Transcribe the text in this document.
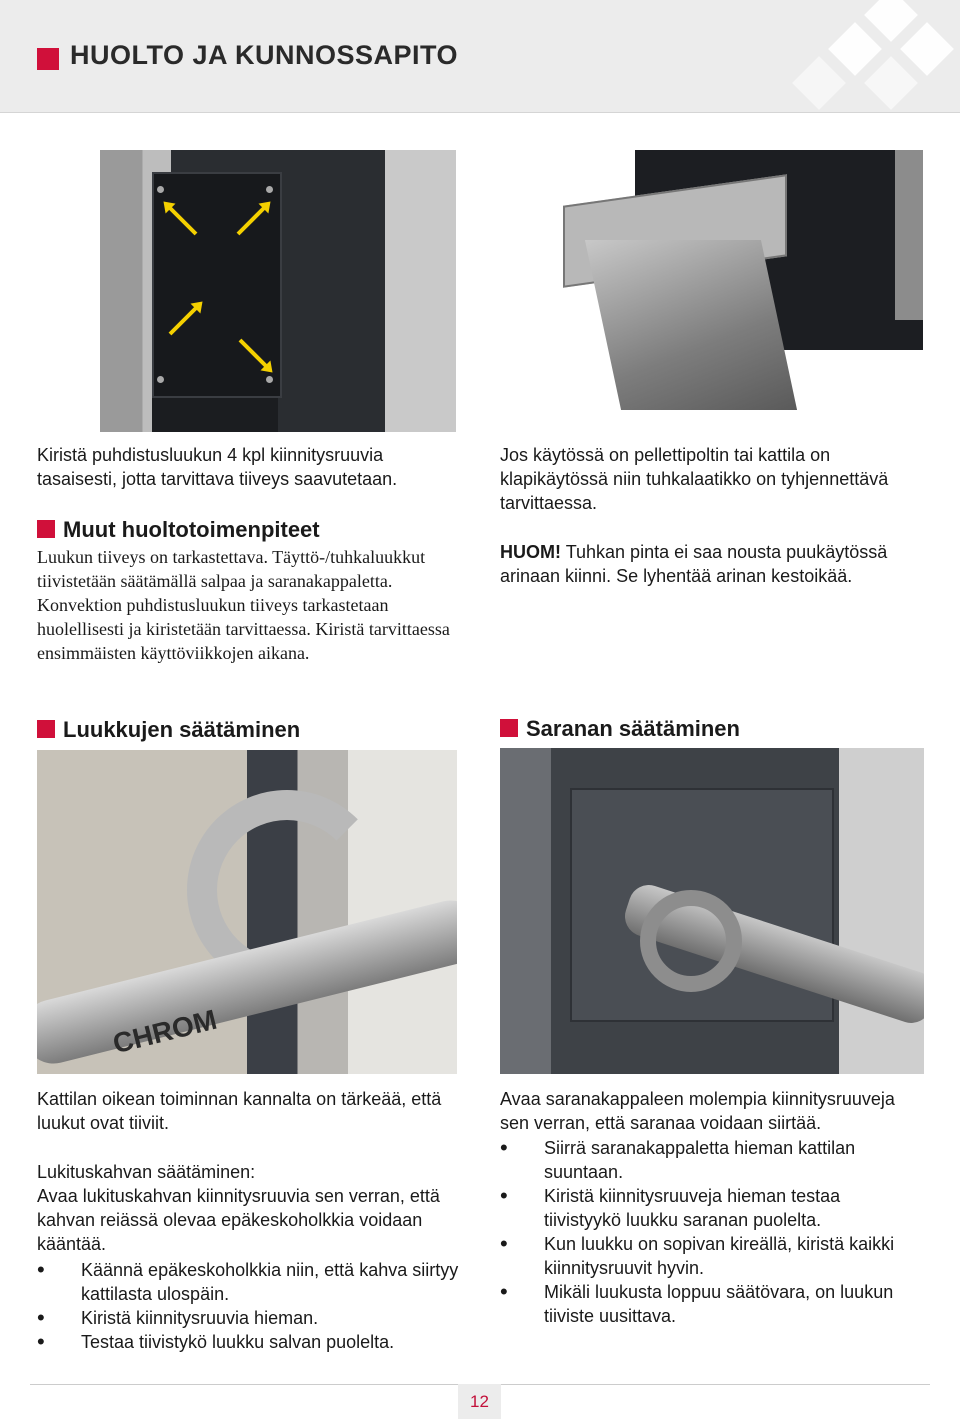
HUOLTO JA KUNNOSSAPITO
Kiristä puhdistusluukun 4 kpl kiinnitysruuvia tasaisesti, jotta tarvittava tiiveys saavutetaan.
Muut huoltotoimenpiteet
Luukun tiiveys on tarkastettava. Täyttö-/tuhkaluukkut tiivistetään säätämällä salpaa ja saranakappaletta. Konvektion puhdistusluukun tiiveys tarkastetaan huolellisesti ja kiristetään tarvittaessa. Kiristä tarvittaessa ensimmäisten käyttöviikkojen aikana.
Jos käytössä on pellettipoltin tai kattila on klapikäytössä niin tuhkalaatikko on tyhjennettävä tarvittaessa.
HUOM! Tuhkan pinta ei saa nousta puukäytössä arinaan kiinni. Se lyhentää arinan kestoikää.
Luukkujen säätäminen	Saranan säätäminen
CHROM
Kattilan oikean toiminnan kannalta on tärkeää, että luukut ovat tiiviit.
Lukituskahvan säätäminen:
Avaa lukituskahvan kiinnitysruuvia sen verran, että kahvan reiässä olevaa epäkeskoholkkia voidaan kääntää.
• Käännä epäkeskoholkkia niin, että kahva siirtyy kattilasta ulospäin.
• Kiristä kiinnitysruuvia hieman.
• Testaa tiivistykö luukku salvan puolelta.
Avaa saranakappaleen molempia kiinnitysruuveja sen verran, että saranaa voidaan siirtää.
• Siirrä saranakappaletta hieman kattilan suuntaan.
• Kiristä kiinnitysruuveja hieman testaa tiivistyykö luukku saranan puolelta.
• Kun luukku on sopivan kireällä, kiristä kaikki kiinnitysruuvit hyvin.
• Mikäli luukusta loppuu säätövara, on luukun tiiviste uusittava.
12
